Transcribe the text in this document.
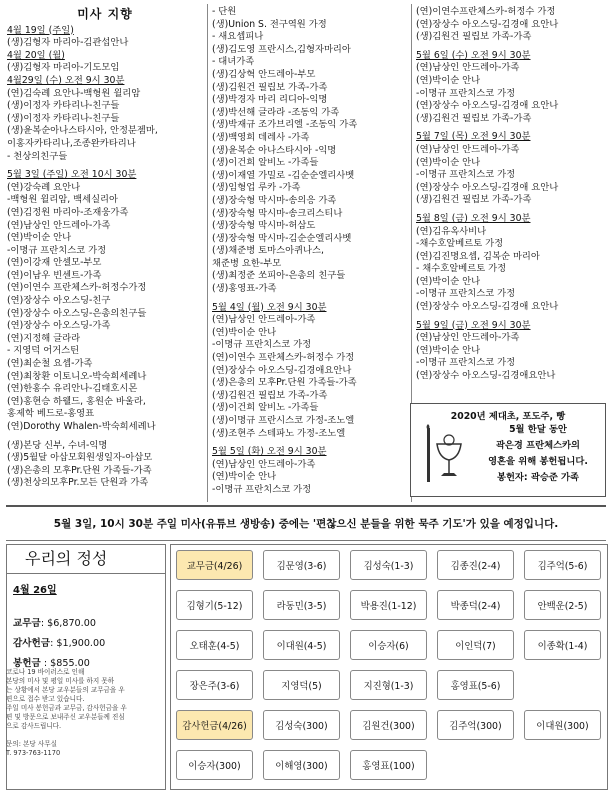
미사 지향
4월 19일 (주일)
(생)김형자 마리아-김관섭안나
4월 20일 (월)
(생)김형자 마리아-기도모임
4월29일 (수) 오전 9시 30분
(연)김숙례 요안나-백형원 윌리암
(생)이정자 카타리나-친구들
(생)이정자 카타리나-친구들
(생)윤복순아나스타시아, 안정분젬마,
이홍자카타리나,조종완카타리나
- 천상의친구들
5월 3일 (주일) 오전 10시 30분
(연)강숙례 요안나
-백형원 윌리암, 백세실리아
(연)김정원 마리아-조재웅가족
(연)남상인 안드레아-가족
(연)박이순 안나
-이명규 프란치스코 가정
(연)이강재 안셀모-부모
(연)이남우 빈센트-가족
(연)이연수 프란체스카-허정수가정
(연)장상수 아오스딩-친구
(연)장상수 아오스딩-은총의친구들
(연)장상수 아오스딩-가족
(연)지정해 글라라
- 지영덕 어거스틴
(연)최순철 요셉-가족
(연)최창환 이토니오-박숙희세례나
(연)한홍수 유리안나-김태호시몬
(연)홍현승 하웰드, 홍원순 바울라,
홍제학 베드로-홍영표
(연)Dorothy Whalen-박숙희세례나
(생)본당 신부, 수녀-익명
(생)5월달 아삽모회원생일자-아삽모
(생)은총의 모후Pr.단원 가족들-가족
(생)천상의모후Pr.모든 단원과 가족
- 단원
(생)Union S. 전구역원 가정
- 새요셉피나
(생)김도영 프란시스,김형자마리아
- 대녀가족
(생)김상혁 안드레아-부모
(생)김원건 필립보 가족-가족
(생)박경자 마리 리디아-익명
(생)박선해 글라라 -조동익 가족
(생)박재규 조가브리엘 -조동익 가족
(생)백영희 데레사 -가족
(생)윤복순 아나스타시아 -익명
(생)이건희 알비노 -가족들
(생)이재열 가밀로 -김순순엘리사벳
(생)임형업 루카 -가족
(생)장숙형 막시마-송의응 가족
(생)장숙형 막시마-송크리스티나
(생)장숙형 막시마-허삼도
(생)장숙형 막시마-김순순엘리사벳
(생)채준병 토마스아퀴나스,
채준병 요한-부모
(생)최정준 쏘피아-은총의 친구들
(생)홍영표-가족
5월 4일 (월) 오전 9시 30분
(연)남상인 안드레아-가족
(연)박이순 안나
-이명규 프란치스코 가정
(연)이연수 프란체스카-허정수 가정
(연)장상수 아오스딩-김경애요안나
(생)은총의 모후Pr.단원 가족들-가족
(생)김원건 필립보 가족-가족
(생)이건희 알비노 -가족들
(생)이명규 프란시스코 가정-조노엘
(생)조현주 스테파노 가정-조노엘
5월 5일 (화) 오전 9시 30분
(연)남상인 안드레아-가족
(연)박이순 안나
-이명규 프란치스코 가정
(연)이연수프란체스카-허정수 가정
(연)장상수 아오스딩-김경애 요안나
(생)김원건 필립보 가족-가족
5월 6일 (수) 오전 9시 30분
(연)남상인 안드레아-가족
(연)박이순 안나
-이명규 프란치스코 가정
(연)장상수 아오스딩-김경애 요안나
(생)김원건 필립보 가족-가족
5월 7일 (목) 오전 9시 30분
(연)남상인 안드레아-가족
(연)박이순 안나
-이명규 프란치스코 가정
(연)장상수 아오스딩-김경애 요안나
(생)김원건 필립보 가족-가족
5월 8일 (금) 오전 9시 30분
(연)김유옥사비나
-채수호알베르토 가정
(연)김진명요셉, 김복순 마리아
- 채수호알베르토 가정
(연)박이순 안나
-이명규 프란치스코 가정
(연)장상수 아오스딩-김경애 요안나
5월 9일 (금) 오전 9시 30분
(연)남상인 안드레아-가족
(연)박이순 안나
-이명규 프란치스코 가정
(연)장상수 아오스딩-김경애요안나
2020년 제대초, 포도주, 빵
5월 한달 동안
곽은경 프란체스카의
영혼을 위해 봉헌됩니다.
봉헌자: 곽승준 가족
5월 3일, 10시 30분 주일 미사(유튜브 생방송) 중에는 '편찮으신 분들을 위한 묵주 기도'가 있을 예정입니다.
우리의 정성
4월 26일
교무금: $6,870.00
감사헌금: $1,900.00
봉헌금 : $855.00
코로나 19 바이러스로 인해
본당의 미사 및 평일 미사를 하지 못하
는 상황에서 본당 교우분들의 교무금을 우
편으로 접수 받고 있습니다.
주일 미사 봉헌금과 교무금, 감사헌금을 우
편 및 방문으로 보내주신 교우분들께 진심
으로 감사드립니다.

문의: 본당 사무실
T. 973-763-1170
교무금(4/26)	김문영(3-6)	김성숙(1-3)	김종진(2-4)	김주억(5-6)
김형기(5-12)	라동민(3-5)	박용진(1-12)	박종덕(2-4)	안백운(2-5)
오태훈(4-5)	이대원(4-5)	이승자(6)	이인덕(7)	이종확(1-4)
장은주(3-6)	지영덕(5)	지진형(1-3)	홍영표(5-6)
감사헌금(4/26)	김성숙(300)	김원건(300)	김주억(300)	이대원(300)
이승자(300)	이해영(300)	홍영표(100)
